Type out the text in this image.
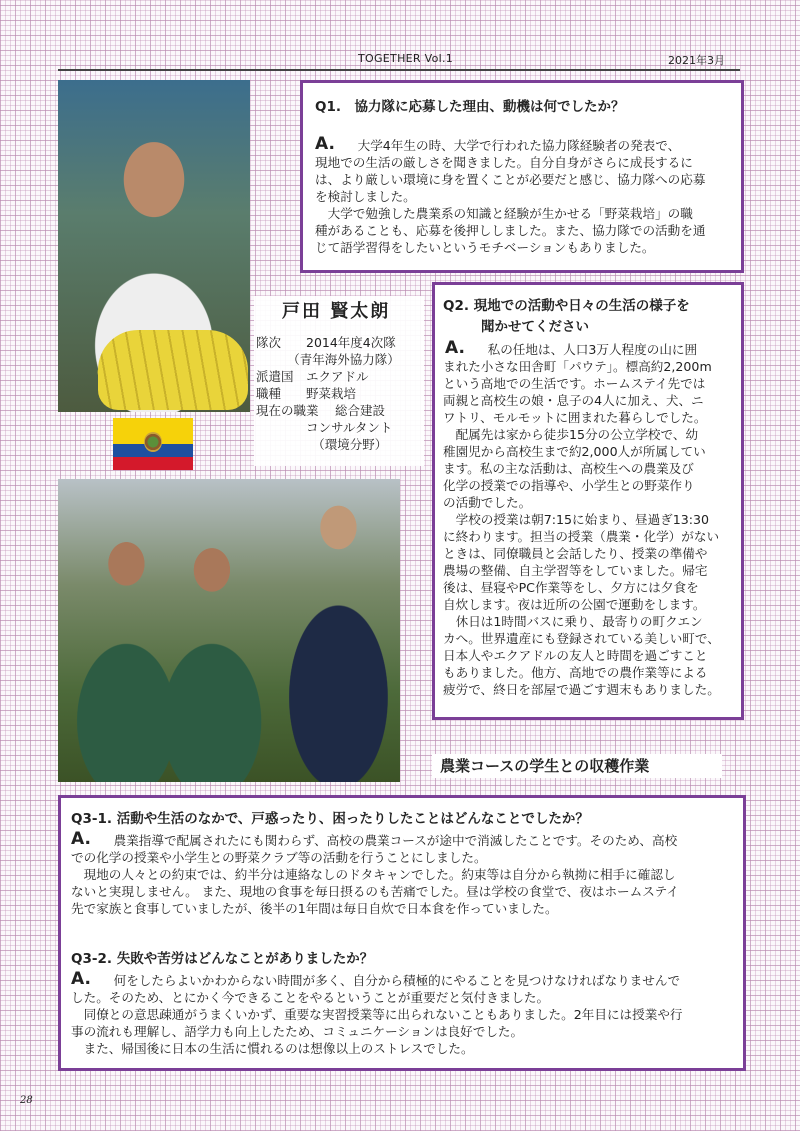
TOGETHER Vol.1	2021年3月
Q1.　協力隊に応募した理由、動機は何でしたか？
A. 　大学4年生の時、大学で行われた協力隊経験者の発表で、

現地での生活の厳しさを聞きました。自分自身がさらに成長するに

は、より厳しい環境に身を置くことが必要だと感じ、協力隊への応募

を検討しました。

　大学で勉強した農業系の知識と経験が生かせる「野菜栽培」の職

種があることも、応募を後押ししました。また、協力隊での活動を通

じて語学習得をしたいというモチベーションもありました。

戸田 賢太朗
隊次　　2014年度4次隊
　　　（青年海外協力隊）
派遣国　エクアドル
職種　　野菜栽培
現在の職業　 総合建設
　　　　コンサルタント
　　　　　（環境分野）
Q2. 現地での活動や日々の生活の様子を
聞かせてください
A. 　私の任地は、人口3万人程度の山に囲

まれた小さな田舎町「パウテ」。標高約2,200m

という高地での生活です。ホームステイ先では

両親と高校生の娘・息子の4人に加え、犬、ニ

ワトリ、モルモットに囲まれた暮らしでした。

　配属先は家から徒歩15分の公立学校で、幼

稚園児から高校生まで約2,000人が所属してい

ます。私の主な活動は、高校生への農業及び

化学の授業での指導や、小学生との野菜作り

の活動でした。

　学校の授業は朝7:15に始まり、昼過ぎ13:30

に終わります。担当の授業（農業・化学）がない

ときは、同僚職員と会話したり、授業の準備や

農場の整備、自主学習等をしていました。帰宅

後は、昼寝やPC作業等をし、夕方には夕食を

自炊します。夜は近所の公園で運動をします。

　休日は1時間バスに乗り、最寄りの町クエン

カへ。世界遺産にも登録されている美しい町で、

日本人やエクアドルの友人と時間を過ごすこと

もありました。他方、高地での農作業等による

疲労で、終日を部屋で過ごす週末もありました。

農業コースの学生との収穫作業
Q3-1. 活動や生活のなかで、戸惑ったり、困ったりしたことはどんなことでしたか？
A. 　農業指導で配属されたにも関わらず、高校の農業コースが途中で消滅したことです。そのため、高校

での化学の授業や小学生との野菜クラブ等の活動を行うことにしました。

　現地の人々との約束では、約半分は連絡なしのドタキャンでした。約束等は自分から執拗に相手に確認し

ないと実現しません。 また、現地の食事を毎日摂るのも苦痛でした。昼は学校の食堂で、夜はホームステイ

先で家族と食事していましたが、後半の1年間は毎日自炊で日本食を作っていました。

Q3-2. 失敗や苦労はどんなことがありましたか？
A. 　何をしたらよいかわからない時間が多く、自分から積極的にやることを見つけなければなりませんで

した。そのため、とにかく今できることをやるということが重要だと気付きました。

　同僚との意思疎通がうまくいかず、重要な実習授業等に出られないこともありました。2年目には授業や行

事の流れも理解し、語学力も向上したため、コミュニケーションは良好でした。

　また、帰国後に日本の生活に慣れるのは想像以上のストレスでした。

28
